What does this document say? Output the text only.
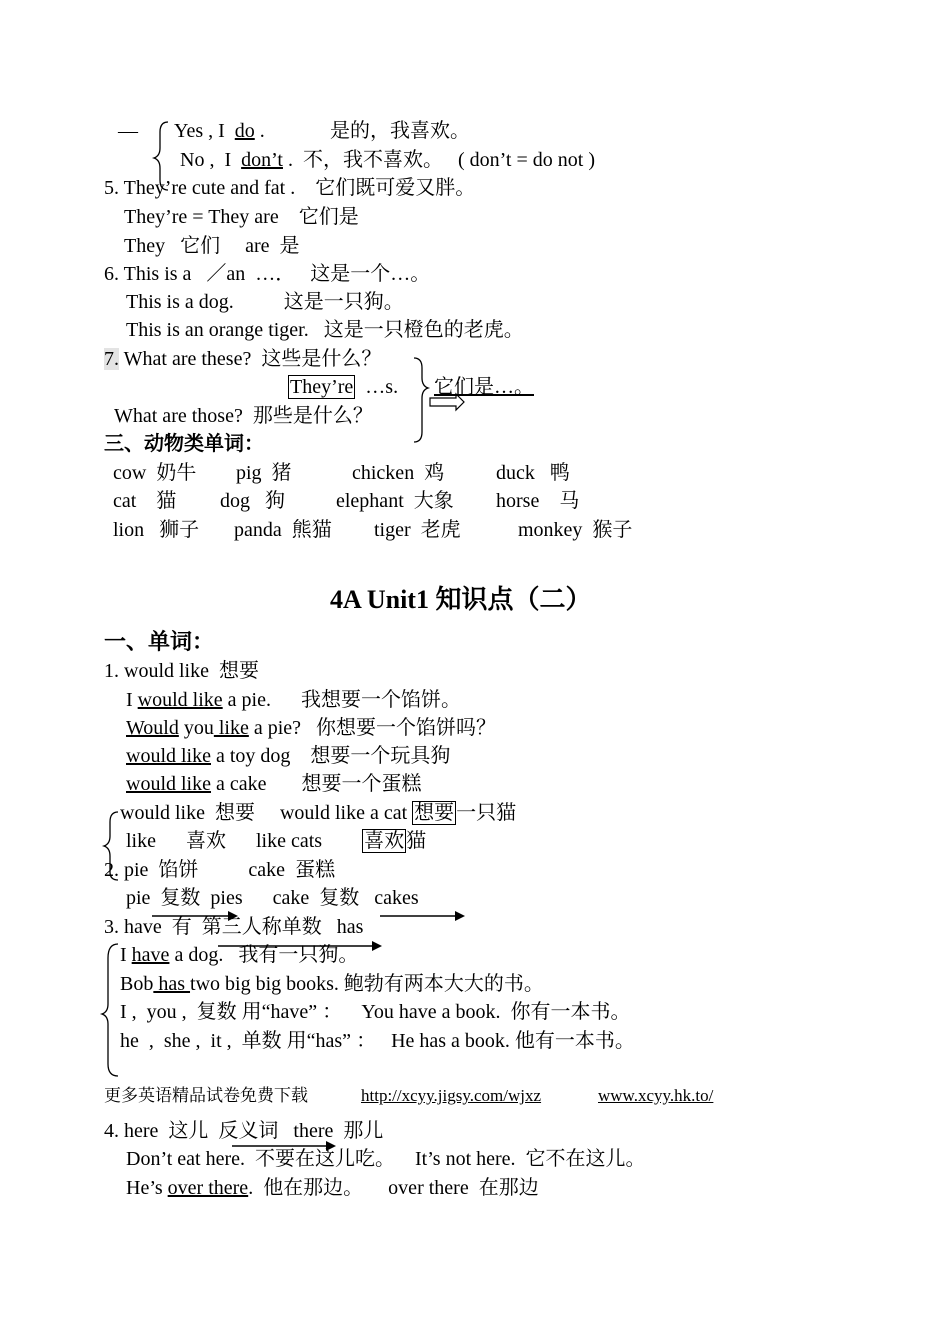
— Yes , I  do .	是的，我喜欢。
No ,  I  don’t .  不，我不喜欢。   ( don’t = do not )
5. They’re cute and fat .    它们既可爱又胖。
They’re = They are    它们是
They   它们     are  是
6. This is a   ／an  …．   这是一个…。
This is a dog.          这是一只狗。
This is an orange tiger.   这是一只橙色的老虎。
7. What are these?  这些是什么？
They’re  …s. 它们是…。
What are those?  那些是什么？
三、动物类单词：
cow  奶牛 pig  猪	chicken  鸡	duck   鸭
cat    猫 dog   狗	elephant  大象 horse    马
lion   狮子 panda  熊猫 tiger  老虎	monkey  猴子
4A Unit1 知识点（二）
一、单词：
1. would like  想要
I would like a pie.      我想要一个馅饼。
Would you like a pie?   你想要一个馅饼吗？
would like a toy dog    想要一个玩具狗
would like a cake       想要一个蛋糕
would like  想要     would like a cat 想要 一只猫
like      喜欢      like cats        喜欢 猫
2. pie  馅饼          cake  蛋糕
pie  复数  pies      cake  复数   cakes
3. have  有  第三人称单数   has
I have a dog.   我有一只狗。
Bob has two big big books. 鲍勃有两本大大的书。
I ,  you ,  复数 用“have” ：    You have a book.  你有一本书。
he  ,  she ,  it ,  单数 用“has” ：   He has a book. 他有一本书。
更多英语精品试卷免费下载	http://xcyy.jigsy.com/wjxz	www.xcyy.hk.to/
4. here  这儿  反义词   there  那儿
Don’t eat here.  不要在这儿吃。    It’s not here.  它不在这儿。
He’s over there.  他在那边。     over there  在那边
